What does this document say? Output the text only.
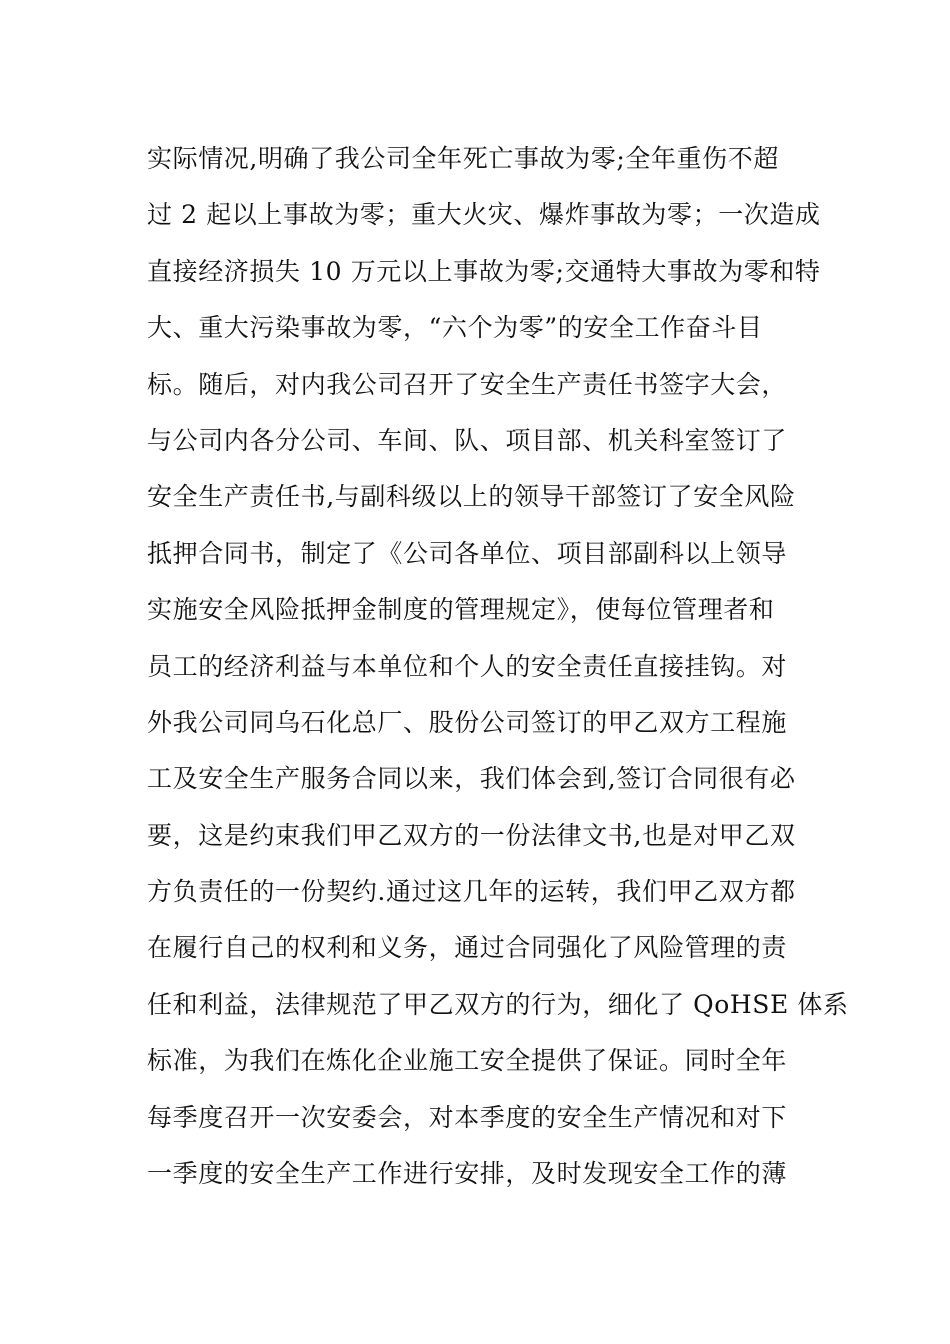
实际情况,明确了我公司全年死亡事故为零;全年重伤不超
过 2 起以上事故为零；重大火灾、爆炸事故为零；一次造成
直接经济损失 10 万元以上事故为零;交通特大事故为零和特
大、重大污染事故为零，“六个为零”的安全工作奋斗目
标。随后，对内我公司召开了安全生产责任书签字大会，
与公司内各分公司、车间、队、项目部、机关科室签订了
安全生产责任书,与副科级以上的领导干部签订了安全风险
抵押合同书，制定了《公司各单位、项目部副科以上领导
实施安全风险抵押金制度的管理规定》，使每位管理者和
员工的经济利益与本单位和个人的安全责任直接挂钩。对
外我公司同乌石化总厂、股份公司签订的甲乙双方工程施
工及安全生产服务合同以来，我们体会到,签订合同很有必
要，这是约束我们甲乙双方的一份法律文书,也是对甲乙双
方负责任的一份契约.通过这几年的运转，我们甲乙双方都
在履行自己的权利和义务，通过合同强化了风险管理的责
任和利益，法律规范了甲乙双方的行为，细化了 QoHSE 体系
标准，为我们在炼化企业施工安全提供了保证。同时全年
每季度召开一次安委会，对本季度的安全生产情况和对下
一季度的安全生产工作进行安排，及时发现安全工作的薄
